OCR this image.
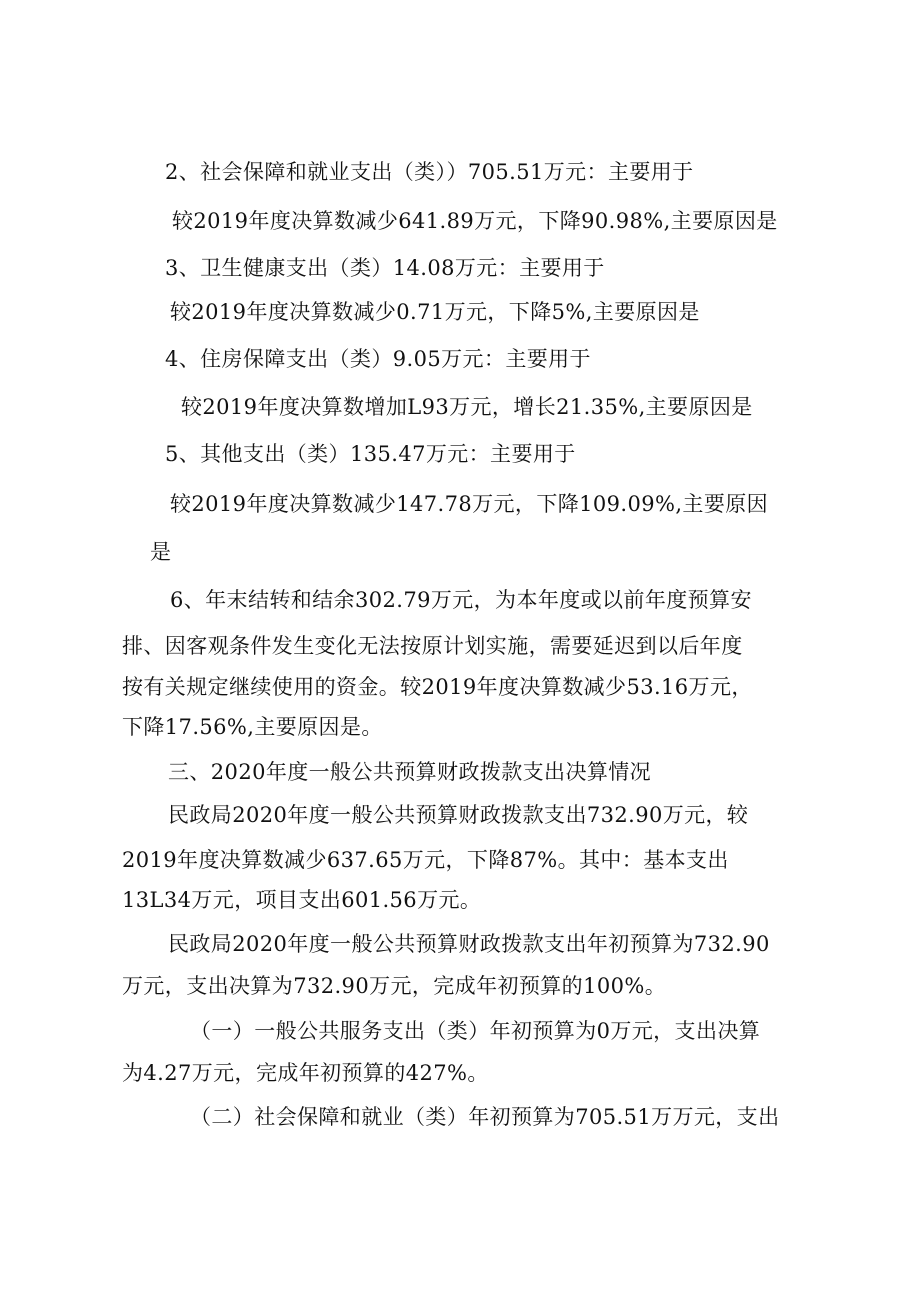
2、社会保障和就业支出（类））705.51万元：主要用于
较2019年度决算数减少641.89万元，下降90.98%,主要原因是
3、卫生健康支出（类）14.08万元：主要用于
较2019年度决算数减少0.71万元，下降5%,主要原因是
4、住房保障支出（类）9.05万元：主要用于
较2019年度决算数增加L93万元，增长21.35%,主要原因是
5、其他支出（类）135.47万元：主要用于
较2019年度决算数减少147.78万元，下降109.09%,主要原因
是
6、年末结转和结余302.79万元，为本年度或以前年度预算安
排、因客观条件发生变化无法按原计划实施，需要延迟到以后年度
按有关规定继续使用的资金。较2019年度决算数减少53.16万元，
下降17.56%,主要原因是。
三、2020年度一般公共预算财政拨款支出决算情况
民政局2020年度一般公共预算财政拨款支出732.90万元，较
2019年度决算数减少637.65万元，下降87%。其中：基本支出
13L34万元，项目支出601.56万元。
民政局2020年度一般公共预算财政拨款支出年初预算为732.90
万元，支出决算为732.90万元，完成年初预算的100%。
（一）一般公共服务支出（类）年初预算为0万元，支出决算
为4.27万元，完成年初预算的427%。
（二）社会保障和就业（类）年初预算为705.51万万元，支出
